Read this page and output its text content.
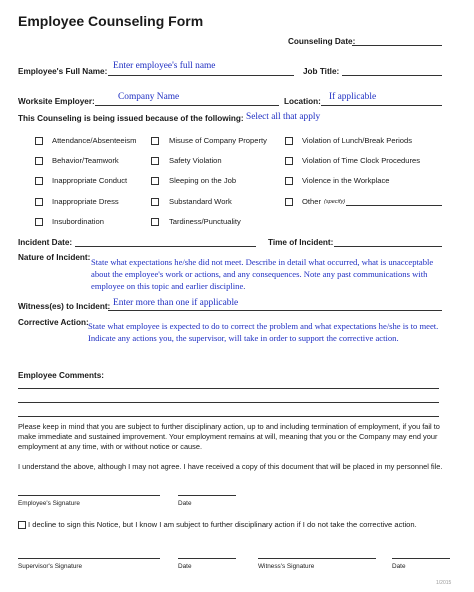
Employee Counseling Form
Counseling Date:
Employee's Full Name:
Enter employee's full name
Job Title:
Worksite Employer: Company Name	Location: If applicable
This Counseling is being issued because of the following: Select all that apply
Attendance/Absenteeism	Misuse of Company Property	Violation of Lunch/Break Periods
Behavior/Teamwork	Safety Violation	Violation of Time Clock Procedures
Inappropriate Conduct	Sleeping on the Job	Violence in the Workplace
Inappropriate Dress	Substandard Work	Other (specify)
Insubordination	Tardiness/Punctuality
Incident Date:	Time of Incident:
Nature of Incident: State what expectations he/she did not meet. Describe in detail what occurred, what is unacceptable about the employee's work or actions, and any consequences. Note any past communications with employee on this topic and earlier discipline.
Witness(es) to Incident: Enter more than one if applicable
Corrective Action: State what employee is expected to do to correct the problem and what expectations he/she is to meet. Indicate any actions you, the supervisor, will take in order to support the corrective action.
Employee Comments:
Please keep in mind that you are subject to further disciplinary action, up to and including termination of employment, if you fail to make immediate and sustained improvement. Your employment remains at will, meaning that you or the Company may end your employment at any time, with or without notice or cause.
I understand the above, although I may not agree. I have received a copy of this document that will be placed in my personnel file.
Employee's Signature	Date
I decline to sign this Notice, but I know I am subject to further disciplinary action if I do not take the corrective action.
Supervisor's Signature	Date	Witness's Signature	Date
1/2015
